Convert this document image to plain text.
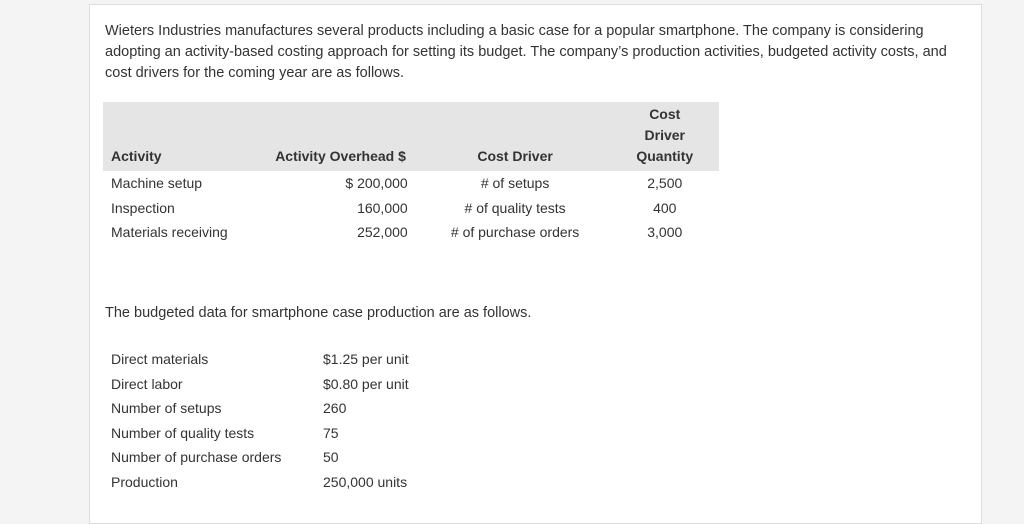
Wieters Industries manufactures several products including a basic case for a popular smartphone. The company is considering adopting an activity-based costing approach for setting its budget. The company’s production activities, budgeted activity costs, and cost drivers for the coming year are as follows.

Activity	Activity Overhead $	Cost Driver	Cost
Driver
Quantity
Machine setup	$ 200,000	# of setups	2,500
Inspection	160,000	# of quality tests	400
Materials receiving	252,000	# of purchase orders	3,000

The budgeted data for smartphone case production are as follows.

Direct materials	$1.25 per unit
Direct labor	$0.80 per unit
Number of setups	260
Number of quality tests	75
Number of purchase orders	50
Production	250,000 units
